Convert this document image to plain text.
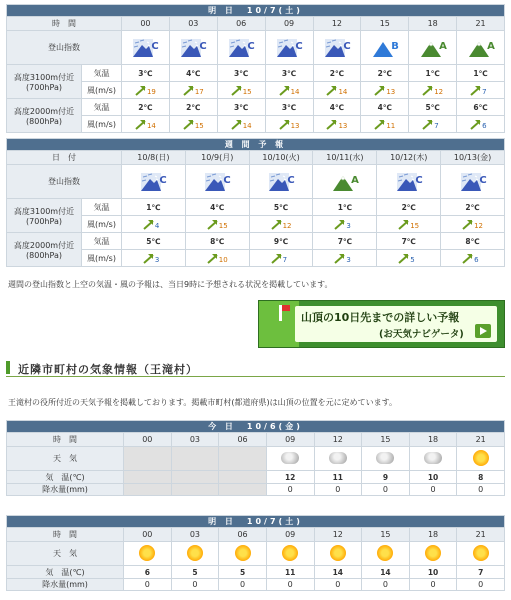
明 日　10/7(土)									
時　間		00	03	06	09	12	15	18	21
登山指数		C	C	C	C	C	B	A	A

高度3100m付近
(700hPa)	気温	3℃	4℃	3℃	3℃	2℃	2℃	1℃	1℃
	風(m/s)	19	17	15	14	14	13	12	7
高度2000m付近
(800hPa)	気温	2℃	2℃	3℃	3℃	4℃	4℃	5℃	6℃
	風(m/s)	14	15	14	13	13	11	7	6
週 間 予 報							
日　付		10/8(日)	10/9(月)	10/10(火)	10/11(水)	10/12(木)	10/13(金)
登山指数		C	C	C	A	C	C

高度3100m付近
(700hPa)	気温	1℃	4℃	5℃	1℃	2℃	2℃
	風(m/s)	4	15	12	3	15	12
高度2000m付近
(800hPa)	気温	5℃	8℃	9℃	7℃	7℃	8℃
	風(m/s)	3	10	7	3	5	6
週間の登山指数と上空の気温・風の予報は、当日9時に予想される状況を掲載しています。
山頂の10日先までの詳しい予報
(お天気ナビゲータ)
近隣市町村の気象情報（王滝村）
王滝村の役所付近の天気予報を掲載しております。掲載市町村(都道府県)は山頂の位置を元に定めています。
今 日　10/6(金)								
時　間	00	03	06	09	12	15	18	21
天　気								
気　温(℃)				12	11	9	10	8
降水量(mm)				0	0	0	0	0
明 日　10/7(土)								
時　間	00	03	06	09	12	15	18	21
天　気								
気　温(℃)	6	5	5	11	14	14	10	7
降水量(mm)	0	0	0	0	0	0	0	0
